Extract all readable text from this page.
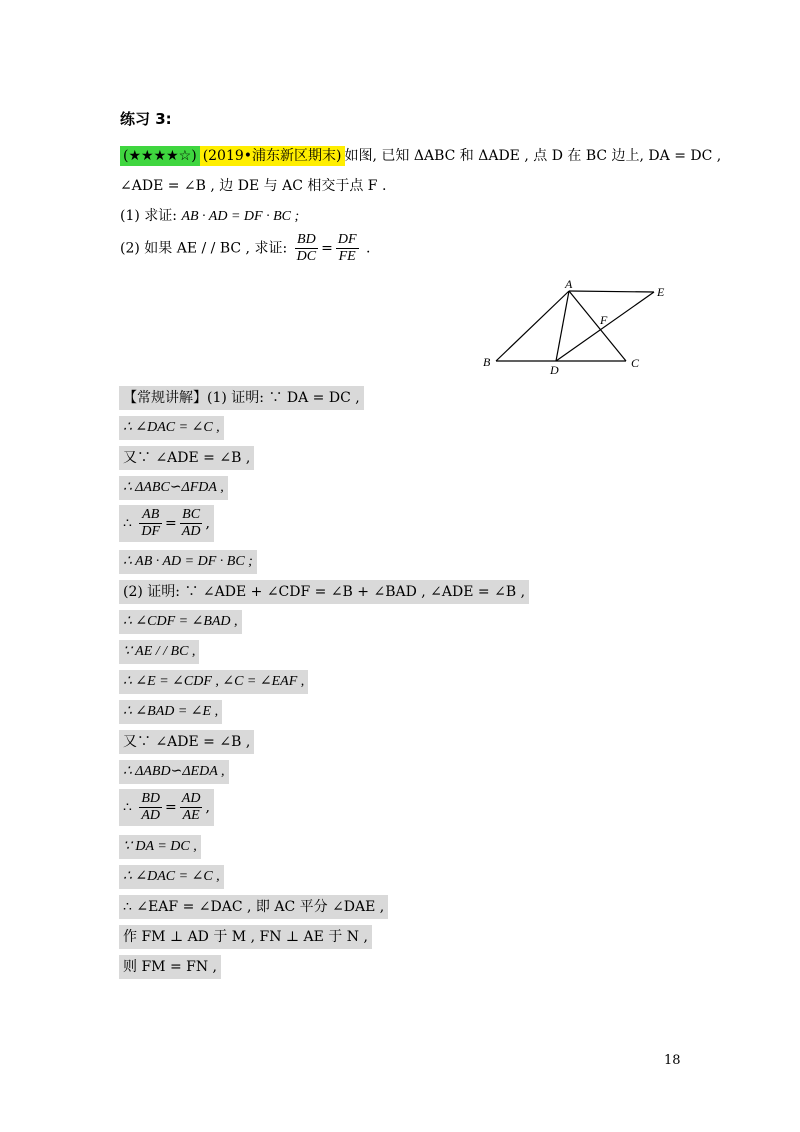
练习 3:
(★★★★☆) (2019•浦东新区期末) 如图, 已知 ΔABC 和 ΔADE , 点 D 在 BC 边上, DA = DC ,
∠ADE = ∠B , 边 DE 与 AC 相交于点 F .
(1) 求证: AB · AD = DF · BC ;
(2) 如果 AE / / BC , 求证: $\frac{BD}{DC} = \frac{DF}{FE}$ .
A
B	C
D
E
F
【常规讲解】(1) 证明: ∵ DA = DC ,
∴ ∠DAC = ∠C ,
又∵ ∠ADE = ∠B ,
∴ ΔABC∽ΔFDA ,
∴ $\frac{AB}{DF} = \frac{BC}{AD}$ ,
∴ AB · AD = DF · BC ;
(2) 证明: ∵ ∠ADE + ∠CDF = ∠B + ∠BAD , ∠ADE = ∠B ,
∴ ∠CDF = ∠BAD ,
∵ AE / / BC ,
∴ ∠E = ∠CDF , ∠C = ∠EAF ,
∴ ∠BAD = ∠E ,
又∵ ∠ADE = ∠B ,
∴ ΔABD∽ΔEDA ,
∴ $\frac{BD}{AD} = \frac{AD}{AE}$ ,
∵ DA = DC ,
∴ ∠DAC = ∠C ,
∴ ∠EAF = ∠DAC , 即 AC 平分 ∠DAE ,
作 FM ⊥ AD 于 M , FN ⊥ AE 于 N ,
则 FM = FN ,
18
